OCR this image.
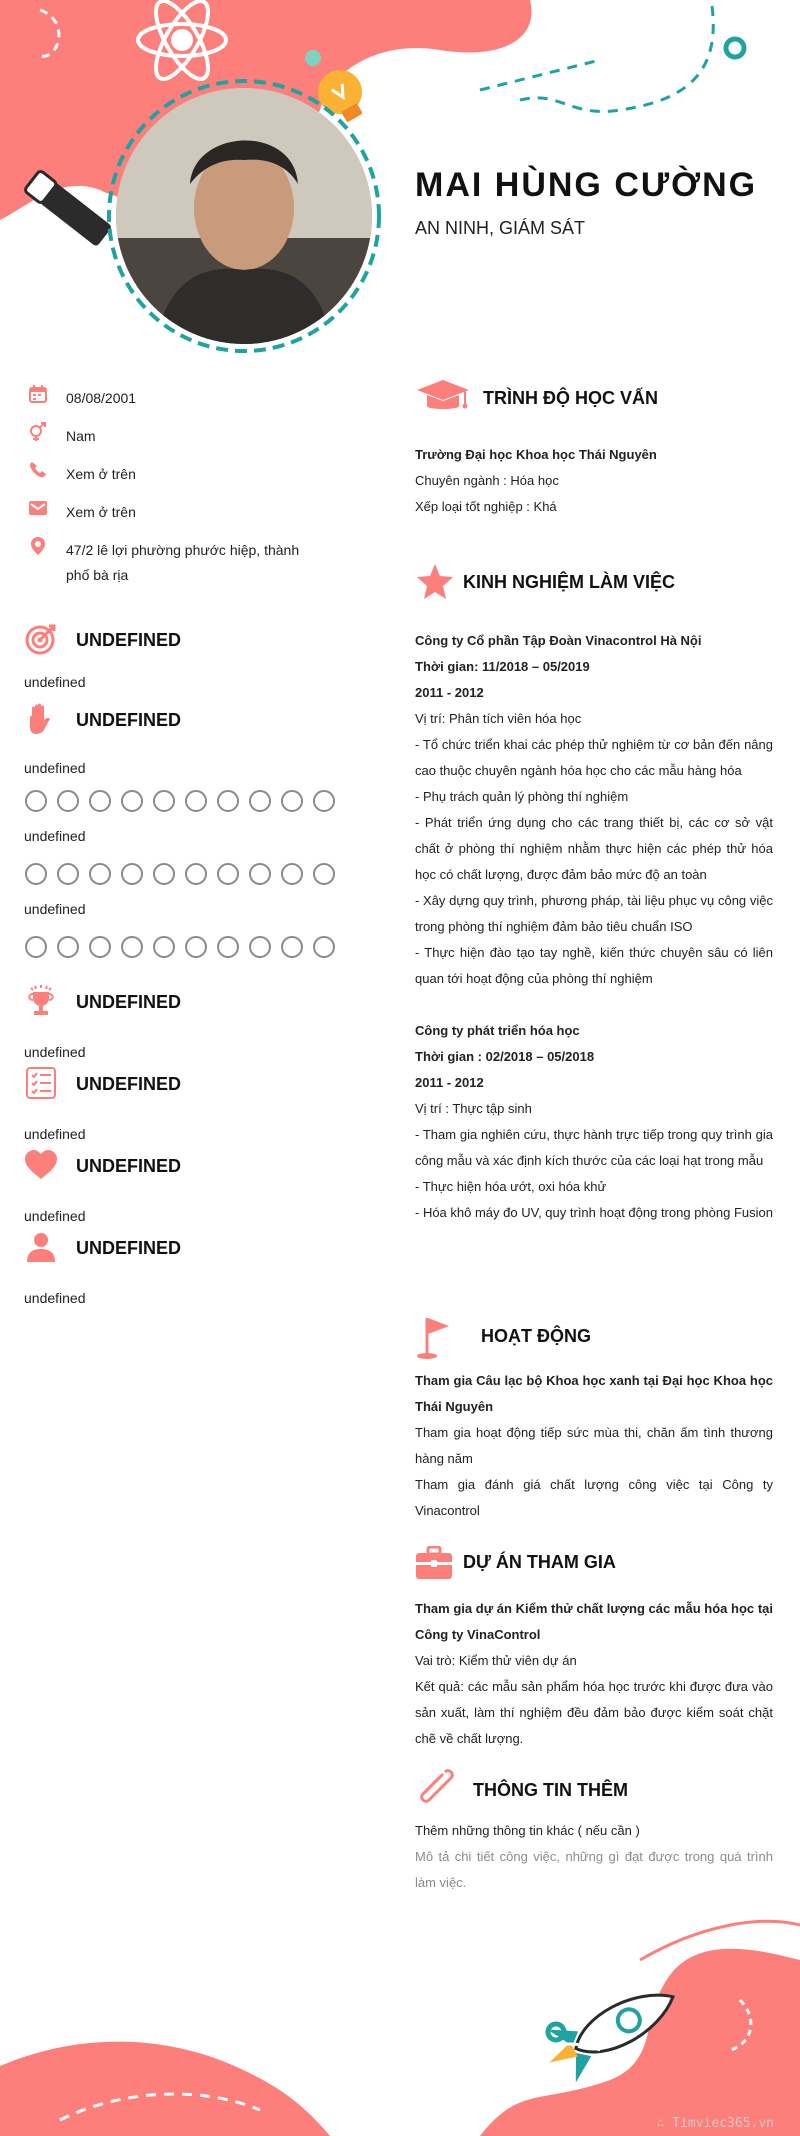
MAI HÙNG CƯỜNG
AN NINH, GIÁM SÁT
08/08/2001
Nam
Xem ở trên
Xem ở trên
47/2 lê lợi phường phước hiệp, thành phố bà rịa
UNDEFINED
undefined
UNDEFINED
undefined
undefined
undefined
UNDEFINED
undefined
UNDEFINED
undefined
UNDEFINED
undefined
UNDEFINED
undefined
TRÌNH ĐỘ HỌC VẤN

Trường Đại học Khoa học Thái Nguyên

Chuyên ngành : Hóa học

Xếp loại tốt nghiệp : Khá

KINH NGHIỆM LÀM VIỆC

Công ty Cổ phần Tập Đoàn Vinacontrol Hà Nội

Thời gian: 11/2018 – 05/2019

2011 - 2012

Vị trí: Phân tích viên hóa học

- Tổ chức triển khai các phép thử nghiệm từ cơ bản đến nâng cao thuộc chuyên ngành hóa học cho các mẫu hàng hóa

- Phụ trách quản lý phòng thí nghiệm

- Phát triển ứng dụng cho các trang thiết bị, các cơ sở vật chất ở phòng thí nghiệm nhằm thực hiện các phép thử hóa học có chất lượng, được đảm bảo mức độ an toàn

- Xây dựng quy trình, phương pháp, tài liệu phục vụ công việc trong phòng thí nghiệm đảm bảo tiêu chuẩn ISO

- Thực hiện đào tạo tay nghề, kiến thức chuyên sâu có liên quan tới hoạt động của phòng thí nghiệm

Công ty phát triển hóa học

Thời gian : 02/2018 – 05/2018

2011 - 2012

Vị trí : Thực tập sinh

- Tham gia nghiên cứu, thực hành trực tiếp trong quy trình gia công mẫu và xác định kích thước của các loại hạt trong mẫu

- Thực hiện hóa ướt, oxi hóa khử

- Hóa khô máy đo UV, quy trình hoạt động trong phòng Fusion

HOẠT ĐỘNG

Tham gia Câu lạc bộ Khoa học xanh tại Đại học Khoa học Thái Nguyên

Tham gia hoạt động tiếp sức mùa thi, chăn ấm tình thương hàng năm

Tham gia đánh giá chất lượng công việc tại Công ty Vinacontrol

DỰ ÁN THAM GIA

Tham gia dự án Kiểm thử chất lượng các mẫu hóa học tại Công ty VinaControl

Vai trò: Kiểm thử viên dự án

Kết quả: các mẫu sản phẩm hóa học trước khi được đưa vào sản xuất, làm thí nghiệm đều đảm bảo được kiểm soát chặt chẽ về chất lượng.

THÔNG TIN THÊM

Thêm những thông tin khác ( nếu cần )

Mô tả chi tiết công việc, những gì đạt được trong quá trình làm việc.

∴ Timviec365.vn
